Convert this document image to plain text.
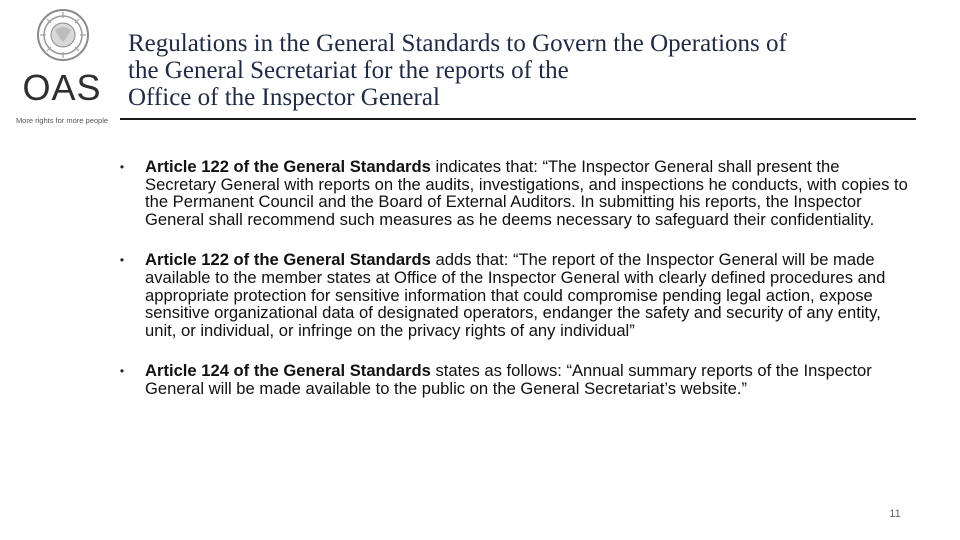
OAS
More rights for more people
Regulations in the General Standards to Govern the Operations of
the General Secretariat for the reports of the
Office of the Inspector General
•	Article 122 of the General Standards indicates that: “The Inspector General shall present the Secretary General with reports on the audits, investigations, and inspections he conducts, with copies to the Permanent Council and the Board of External Auditors. In submitting his reports, the Inspector General shall recommend such measures as he deems necessary to safeguard their confidentiality.
•	Article 122 of the General Standards adds that: “The report of the Inspector General will be made available to the member states at Office of the Inspector General with clearly defined procedures and appropriate protection for sensitive information that could compromise pending legal action, expose sensitive organizational data of designated operators, endanger the safety and security of any entity, unit, or individual, or infringe on the privacy rights of any individual”
•	Article 124 of the General Standards states as follows: “Annual summary reports of the Inspector General will be made available to the public on the General Secretariat’s website.”
11
